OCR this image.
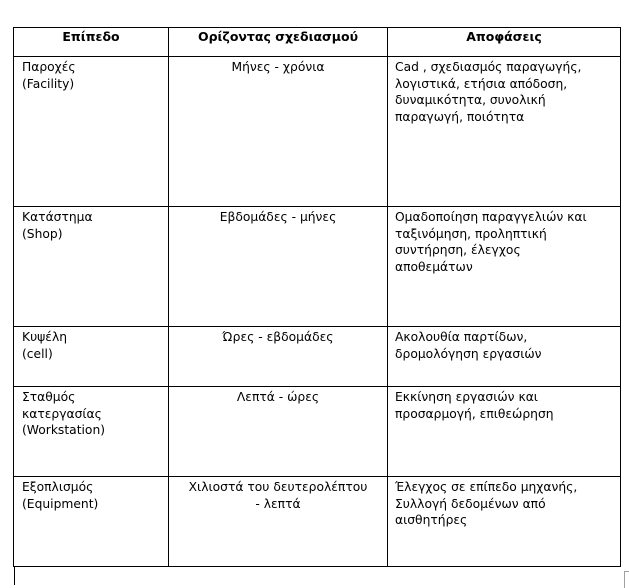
Επίπεδο	Ορίζοντας σχεδιασμού	Αποφάσεις

Παροχές
(Facility)	Μήνες - χρόνια	Cad , σχεδιασμός παραγωγής,
λογιστικά, ετήσια απόδοση,
δυναμικότητα, συνολική
παραγωγή, ποιότητα

Κατάστημα
(Shop)	Εβδομάδες - μήνες	Ομαδοποίηση παραγγελιών και
ταξινόμηση, προληπτική
συντήρηση, έλεγχος
αποθεμάτων

Κυψέλη
(cell)	Ώρες - εβδομάδες	Ακολουθία παρτίδων,
δρομολόγηση εργασιών

Σταθμός
κατεργασίας
(Workstation)	Λεπτά - ώρες	Εκκίνηση εργασιών και
προσαρμογή, επιθεώρηση

Εξοπλισμός
(Equipment)	Χιλιοστά του δευτερολέπτου
- λεπτά	Έλεγχος σε επίπεδο μηχανής,
Συλλογή δεδομένων από
αισθητήρες
